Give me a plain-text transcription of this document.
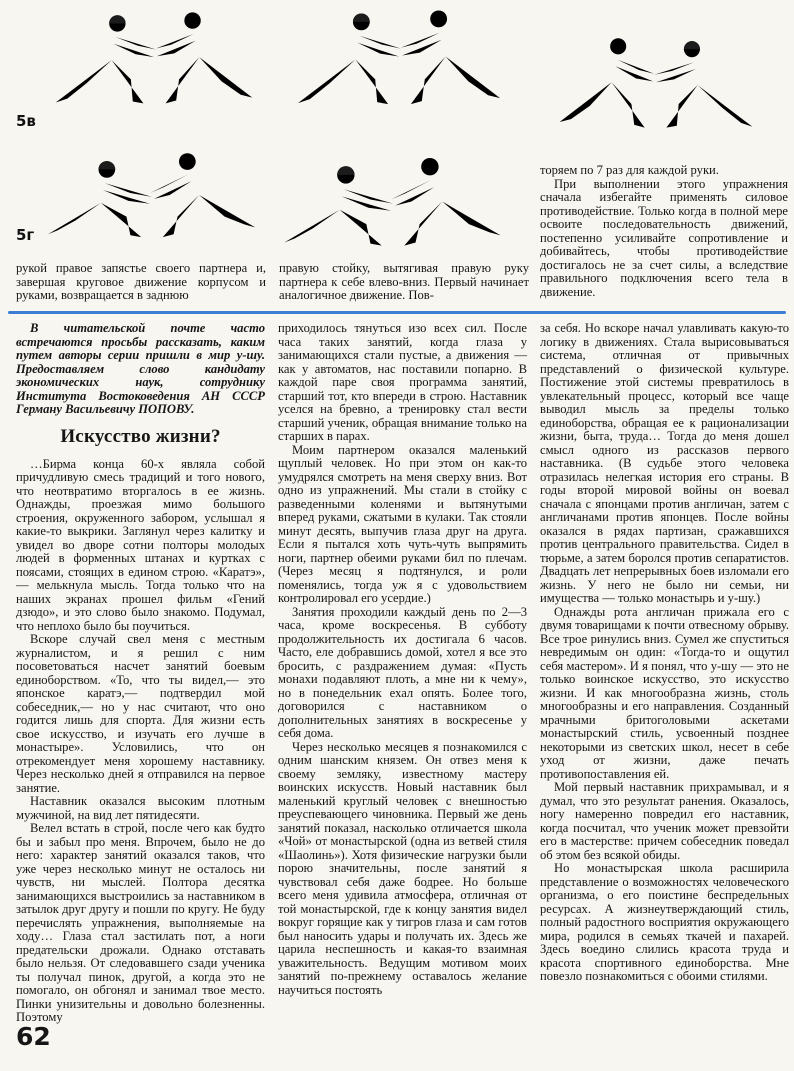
5в
5г

рукой правое запястье своего партнера и, завершая круговое движение корпусом и руками, возвращается в заднюю

правую стойку, вытягивая правую руку партнера к себе влево-вниз. Первый начинает аналогичное движение. Пов-

торяем по 7 раз для каждой руки.

При выполнении этого упражнения сначала избегайте применять силовое противодействие. Только когда в полной мере освоите последовательность движений, постепенно усиливайте сопротивление и добивайтесь, чтобы противодействие достигалось не за счет силы, а вследствие правильного подключения всего тела в движение.

В читательской почте часто встречаются просьбы рассказать, каким путем авторы серии пришли в мир у-шу. Предоставляем слово кандидату экономических наук, сотруднику Института Востоковедения АН СССР Герману Васильевичу ПОПОВУ.

Искусство жизни?

…Бирма конца 60-х являла собой причудливую смесь традиций и того нового, что неотвратимо вторгалось в ее жизнь. Однажды, проезжая мимо большого строения, окруженного забором, услышал я какие-то выкрики. Заглянул через калитку и увидел во дворе сотни полторы молодых людей в форменных штанах и куртках с поясами, стоящих в едином строю. «Каратэ»,— мелькнула мысль. Тогда только что на наших экранах прошел фильм «Гений дзюдо», и это слово было знакомо. Подумал, что неплохо было бы поучиться.

Вскоре случай свел меня с местным журналистом, и я решил с ним посоветоваться насчет занятий боевым единоборством. «То, что ты видел,— это японское каратэ,— подтвердил мой собеседник,— но у нас считают, что оно годится лишь для спорта. Для жизни есть свое искусство, и изучать его лучше в монастыре». Условились, что он отрекомендует меня хорошему наставнику. Через несколько дней я отправился на первое занятие.

Наставник оказался высоким плотным мужчиной, на вид лет пятидесяти.

Велел встать в строй, после чего как будто бы и забыл про меня. Впрочем, было не до него: характер занятий оказался таков, что уже через несколько минут не осталось ни чувств, ни мыслей. Полтора десятка занимающихся выстроились за наставником в затылок друг другу и пошли по кругу. Не буду перечислять упражнения, выполняемые на ходу… Глаза стал застилать пот, а ноги предательски дрожали. Однако отставать было нельзя. От следовавшего сзади ученика ты получал пинок, другой, а когда это не помогало, он обгонял и занимал твое место. Пинки унизительны и довольно болезненны. Поэтому

приходилось тянуться изо всех сил. После часа таких занятий, когда глаза у занимающихся стали пустые, а движения — как у автоматов, нас поставили попарно. В каждой паре своя программа занятий, старший тот, кто впереди в строю. Наставник уселся на бревно, а тренировку стал вести старший ученик, обращая внимание только на старших в парах.

Моим партнером оказался маленький щуплый человек. Но при этом он как-то умудрялся смотреть на меня сверху вниз. Вот одно из упражнений. Мы стали в стойку с разведенными коленями и вытянутыми вперед руками, сжатыми в кулаки. Так стояли минут десять, выпучив глаза друг на друга. Если я пытался хоть чуть-чуть выпрямить ноги, партнер обеими руками бил по плечам. (Через месяц я подтянулся, и роли поменялись, тогда уж я с удовольствием контролировал его усердие.)

Занятия проходили каждый день по 2—3 часа, кроме воскресенья. В субботу продолжительность их достигала 6 часов. Часто, еле добравшись домой, хотел я все это бросить, с раздражением думая: «Пусть монахи подавляют плоть, а мне ни к чему», но в понедельник ехал опять. Более того, договорился с наставником о дополнительных занятиях в воскресенье у себя дома.

Через несколько месяцев я познакомился с одним шанским князем. Он отвез меня к своему земляку, известному мастеру воинских искусств. Новый наставник был маленький круглый человек с внешностью преуспевающего чиновника. Первый же день занятий показал, насколько отличается школа «Чой» от монастырской (одна из ветвей стиля «Шаолинь»). Хотя физические нагрузки были порою значительны, после занятий я чувствовал себя даже бодрее. Но больше всего меня удивила атмосфера, отличная от той монастырской, где к концу занятия видел вокруг горящие как у тигров глаза и сам готов был наносить удары и получать их. Здесь же царила неспешность и какая-то взаимная уважительность. Ведущим мотивом моих занятий по-прежнему оставалось желание научиться постоять

за себя. Но вскоре начал улавливать какую-то логику в движениях. Стала вырисовываться система, отличная от привычных представлений о физической культуре. Постижение этой системы превратилось в увлекательный процесс, который все чаще выводил мысль за пределы только единоборства, обращая ее к рационализации жизни, быта, труда… Тогда до меня дошел смысл одного из рассказов первого наставника. (В судьбе этого человека отразилась нелегкая история его страны. В годы второй мировой войны он воевал сначала с японцами против англичан, затем с англичанами против японцев. После войны оказался в рядах партизан, сражавшихся против центрального правительства. Сидел в тюрьме, а затем боролся против сепаратистов. Двадцать лет непрерывных боев изломали его жизнь. У него не было ни семьи, ни имущества — только монастырь и у-шу.)

Однажды рота англичан прижала его с двумя товарищами к почти отвесному обрыву. Все трое ринулись вниз. Сумел же спуститься невредимым он один: «Тогда-то и ощутил себя мастером». И я понял, что у-шу — это не только воинское искусство, это искусство жизни. И как многообразна жизнь, столь многообразны и его направления. Созданный мрачными бритоголовыми аскетами монастырский стиль, усвоенный позднее некоторыми из светских школ, несет в себе уход от жизни, даже печать противопоставления ей.

Мой первый наставник прихрамывал, и я думал, что это результат ранения. Оказалось, ногу намеренно повредил его наставник, когда посчитал, что ученик может превзойти его в мастерстве: причем собеседник поведал об этом без всякой обиды.

Но монастырская школа расширила представление о возможностях человеческого организма, о его поистине беспредельных ресурсах. А жизнеутверждающий стиль, полный радостного восприятия окружающего мира, родился в семьях ткачей и пахарей. Здесь воедино слились красота труда и красота спортивного единоборства. Мне повезло познакомиться с обоими стилями.

62
